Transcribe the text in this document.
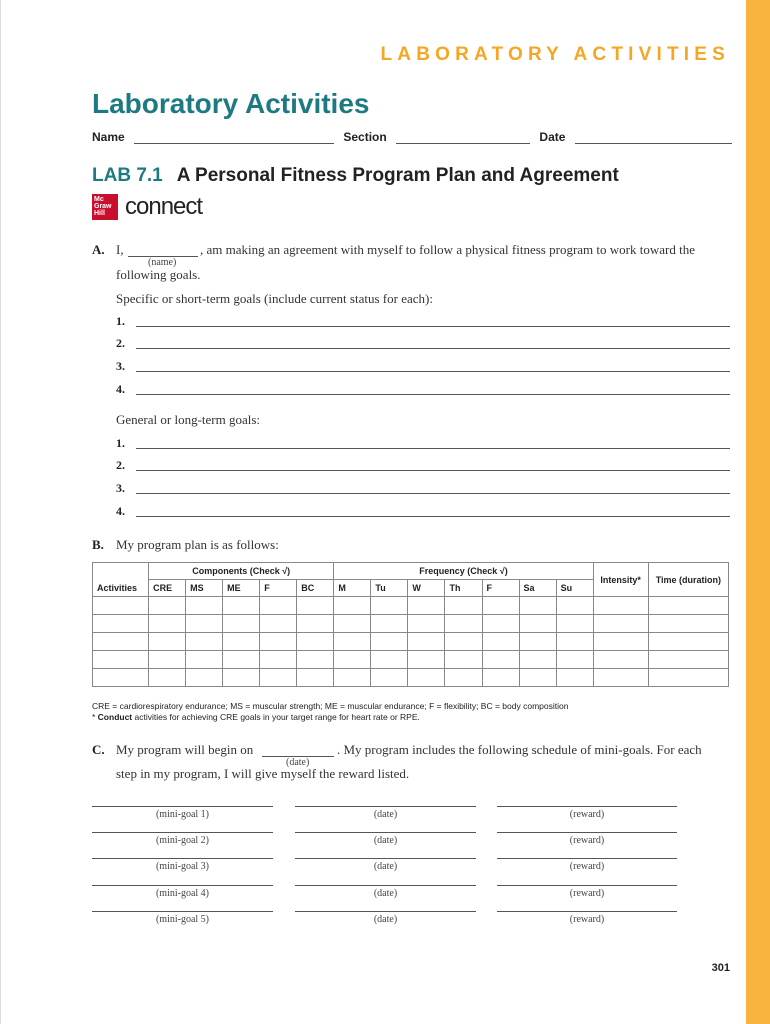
LABORATORY ACTIVITIES
Laboratory Activities
Name	Section	Date
LAB 7.1 A Personal Fitness Program Plan and Agreement
Mc
Graw
Hill connect
A. I,
(name)
, am making an agreement with myself to follow a physical fitness program to work toward the
following goals.
Specific or short-term goals (include current status for each):
1.
2.
3.
4.
General or long-term goals:
1.
2.
3.
4.
B. My program plan is as follows:
	Components (Check √)					Frequency (Check √)							Intensity*	Time (duration)
Activities	CRE	MS	ME	F	BC	M	Tu	W	Th	F	Sa	Su		

CRE = cardiorespiratory endurance; MS = muscular strength; ME = muscular endurance; F = flexibility; BC = body composition
* Conduct activities for achieving CRE goals in your target range for heart rate or RPE.
C. My program will begin on
(date)
. My program includes the following schedule of mini-goals. For each
step in my program, I will give myself the reward listed.
(mini-goal 1)	(date)	(reward)
(mini-goal 2)	(date)	(reward)
(mini-goal 3)	(date)	(reward)
(mini-goal 4)	(date)	(reward)
(mini-goal 5)	(date)	(reward)
301
